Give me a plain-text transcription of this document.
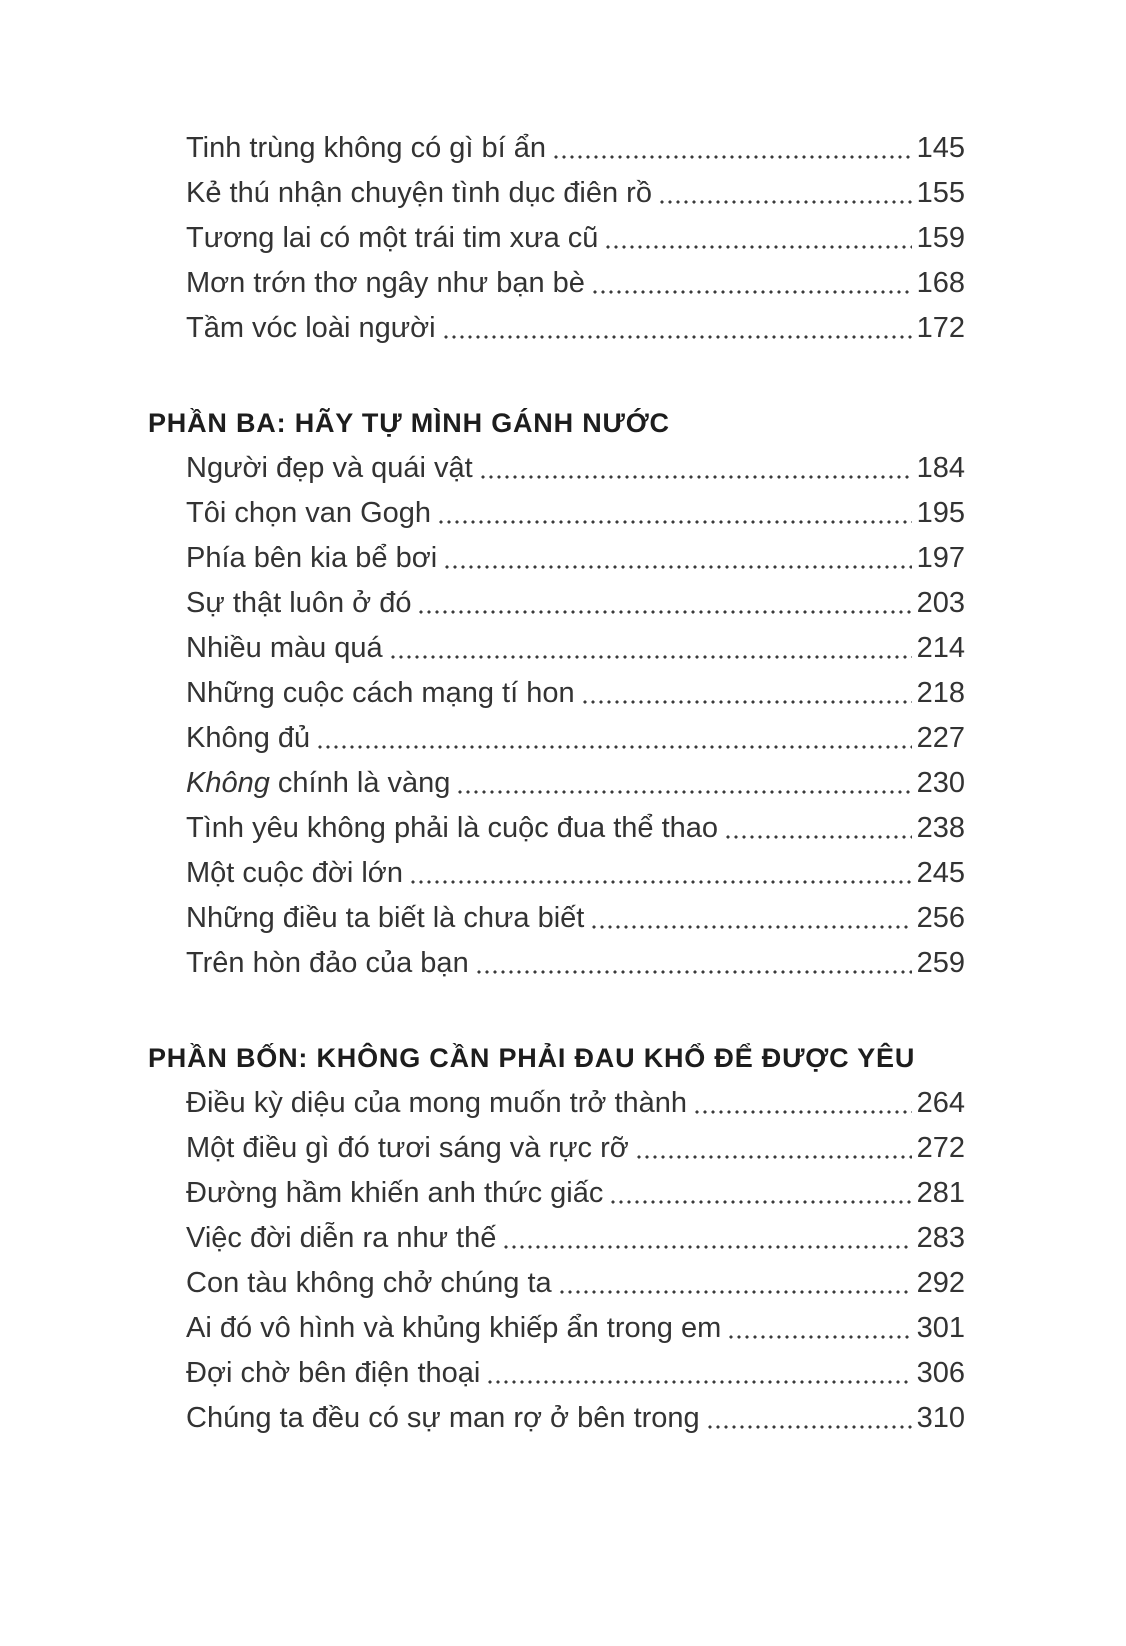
Tinh trùng không có gì bí ẩn	145
Kẻ thú nhận chuyện tình dục điên rồ	155
Tương lai có một trái tim xưa cũ	159
Mơn trớn thơ ngây như bạn bè	168
Tầm vóc loài người	172
PHẦN BA: HÃY TỰ MÌNH GÁNH NƯỚC
Người đẹp và quái vật	184
Tôi chọn van Gogh	195
Phía bên kia bể bơi	197
Sự thật luôn ở đó	203
Nhiều màu quá	214
Những cuộc cách mạng tí hon	218
Không đủ	227
Không chính là vàng	230
Tình yêu không phải là cuộc đua thể thao	238
Một cuộc đời lớn	245
Những điều ta biết là chưa biết	256
Trên hòn đảo của bạn	259
PHẦN BỐN: KHÔNG CẦN PHẢI ĐAU KHỔ ĐỂ ĐƯỢC YÊU
Điều kỳ diệu của mong muốn trở thành	264
Một điều gì đó tươi sáng và rực rỡ	272
Đường hầm khiến anh thức giấc	281
Việc đời diễn ra như thế	283
Con tàu không chở chúng ta	292
Ai đó vô hình và khủng khiếp ẩn trong em	301
Đợi chờ bên điện thoại	306
Chúng ta đều có sự man rợ ở bên trong	310
